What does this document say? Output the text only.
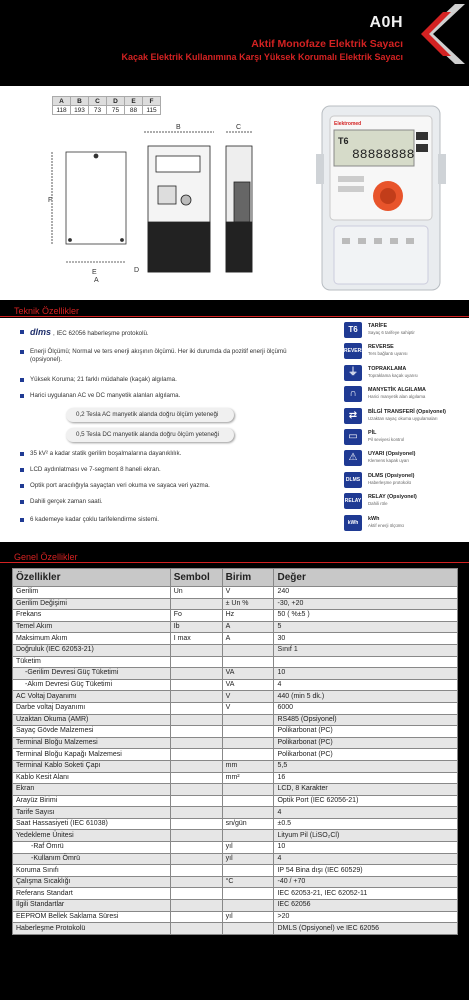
A0H
Aktif Monofaze Elektrik Sayacı
Kaçak Elektrik Kullanımına Karşı Yüksek Korumalı Elektrik Sayacı
A	B	C	D	E	F
118	193	73	75	88	115
A
B	C
D
E
F
Elektromed
T6
88888888
Teknik Özellikler
dlms , IEC 62056 haberleşme protokolü.
Enerji Ölçümü; Normal ve ters enerji akışının ölçümü. Her iki durumda da pozitif enerji ölçümü (opsiyonel).
Yüksek Koruma; 21 farklı müdahale (kaçak) algılama.
Harici uygulanan AC ve DC manyetik alanları algılama.
35 kV² a kadar statik gerilim boşalmalarına dayanıklılık.
LCD aydınlatması ve 7-segment 8 haneli ekran.
Optik port aracılığıyla sayaçtan veri okuma ve sayaca veri yazma.
Dahili gerçek zaman saati.
6 kademeye kadar çoklu tarifelendirme sistemi.
0,2 Tesla AC manyetik alanda doğru ölçüm yeteneği
0,5 Tesla DC manyetik alanda doğru ölçüm yeteneği
T6	TARİFE
Sayaç 6 tarifeye sahiptir
REVERSE
REVERSE
Ters bağlantı uyarısı
⏚	TOPRAKLAMA
Topraklama kaçak uyarısı
∩	MANYETİK ALGILAMA
Harici manyetik alan algılama
⇄	BİLGİ TRANSFERİ (Opsiyonel)
Uzaktan sayaç okuma uygulamaları
▭	PİL
Pil seviyesi kontrol
⚠	UYARI (Opsiyonel)
Klemens kapak uyarı
DLMS
DLMS (Opsiyonel)
Haberleşme protokolü
RELAY
RELAY (Opsiyonel)
Dahili röle
kWh
kWh
Aktif enerji ölçümü
Genel Özellikler
Özellikler	Sembol	Birim	Değer
Gerilim	Un	V	240
Gerilim Değişimi		± Un %	-30, +20
Frekans	Fo	Hz	50 ( %±5 )
Temel Akım	Ib	A	5
Maksimum Akım	I max	A	30
Doğruluk (IEC 62053-21)			Sınıf 1
Tüketim			
-Gerilim Devresi Güç Tüketimi		VA	10
-Akım Devresi Güç Tüketimi		VA	4
AC Voltaj Dayanımı		V	440 (min 5 dk.)
Darbe voltaj Dayanımı		V	6000
Uzaktan Okuma (AMR)			RS485 (Opsiyonel)
Sayaç Gövde Malzemesi			Polikarbonat (PC)
Terminal Bloğu Malzemesi			Polikarbonat (PC)
Terminal Bloğu Kapağı Malzemesi			Polikarbonat (PC)
Terminal Kablo Soketi Çapı		mm	5,5
Kablo Kesit Alanı		mm²	16
Ekran			LCD, 8 Karakter
Arayüz Birimi			Optik Port (IEC 62056-21)
Tarife Sayısı			4
Saat Hassasiyeti (IEC 61038)		sn/gün	±0.5
Yedekleme Ünitesi			Lityum Pil (LiSO₂Cl)
-Raf Ömrü		yıl	10
-Kullanım Ömrü		yıl	4
Koruma Sınıfı			IP 54 Bina dışı (IEC 60529)
Çalışma Sıcaklığı		°C	-40 / +70
Referans Standart			IEC 62053-21, IEC 62052-11
İlgili Standartlar			IEC 62056
EEPROM Bellek Saklama Süresi		yıl	>20
Haberleşme Protokolü			DMLS (Opsiyonel) ve IEC 62056
